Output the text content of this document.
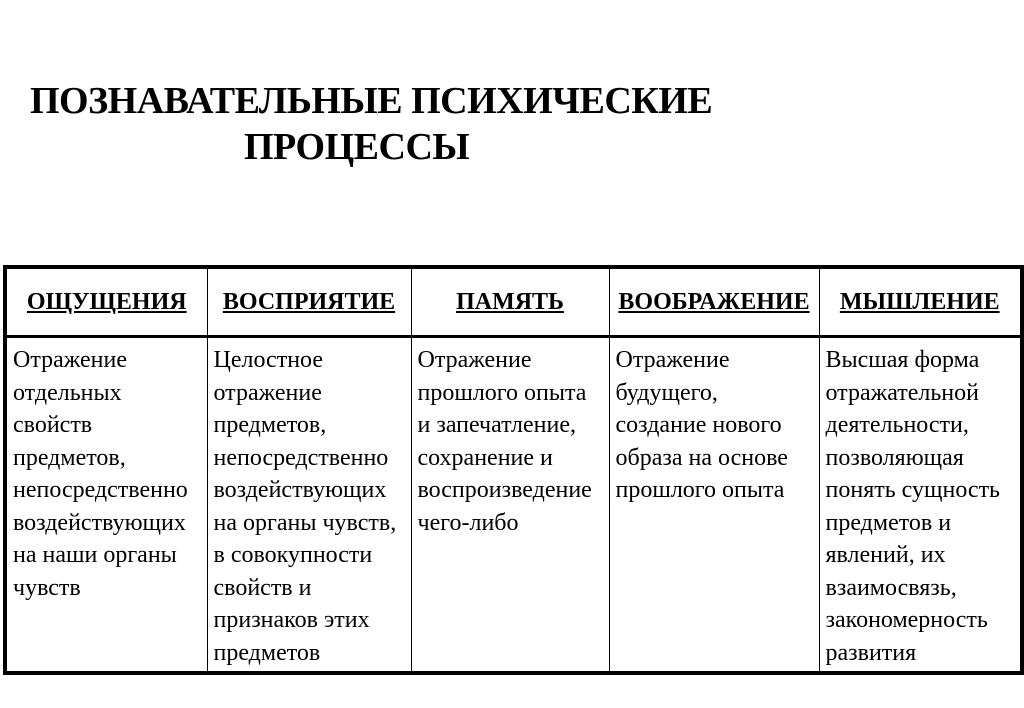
ПОЗНАВАТЕЛЬНЫЕ ПСИХИЧЕСКИЕ
ПРОЦЕССЫ
ОЩУЩЕНИЯ	ВОСПРИЯТИЕ	ПАМЯТЬ	ВООБРАЖЕНИЕ	МЫШЛЕНИЕ
Отражение отдельных свойств предметов, непосредственно воздействующих на наши органы чувств	Целостное отражение предметов, непосредственно воздействующих на органы чувств, в совокупности свойств и признаков этих предметов	Отражение прошлого опыта и запечатление, сохранение и воспроизведение чего-либо	Отражение будущего, создание нового образа на основе прошлого опыта	Высшая форма отражательной деятельности, позволяющая понять сущность предметов и явлений, их взаимосвязь, закономерность развития
